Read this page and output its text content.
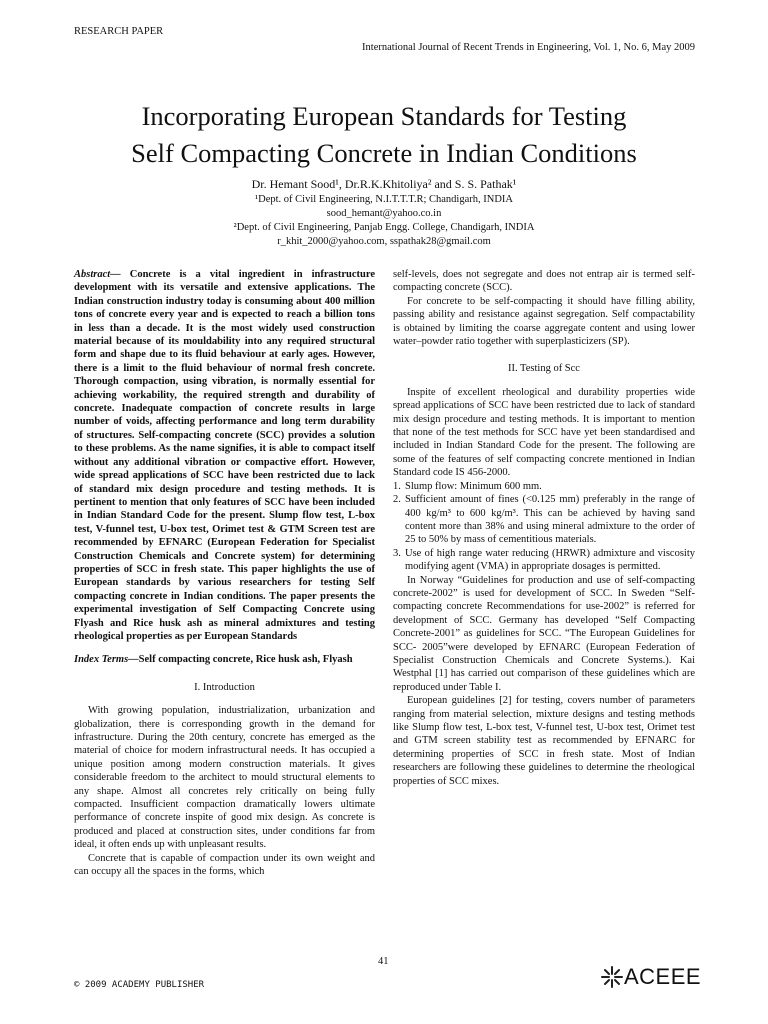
RESEARCH PAPER
International Journal of Recent Trends in Engineering, Vol. 1, No. 6, May 2009
Incorporating European Standards for Testing
Self Compacting Concrete in Indian Conditions
Dr. Hemant Sood¹, Dr.R.K.Khitoliya² and S. S. Pathak¹
¹Dept. of Civil Engineering, N.I.T.T.T.R; Chandigarh, INDIA
sood_hemant@yahoo.co.in
²Dept. of Civil Engineering, Panjab Engg. College, Chandigarh, INDIA
r_khit_2000@yahoo.com, sspathak28@gmail.com

Abstract— Concrete is a vital ingredient in infrastructure development with its versatile and extensive applications. The Indian construction industry today is consuming about 400 million tons of concrete every year and is expected to reach a billion tons in less than a decade. It is the most widely used construction material because of its mouldability into any required structural form and shape due to its fluid behaviour at early ages. However, there is a limit to the fluid behaviour of normal fresh concrete. Thorough compaction, using vibration, is normally essential for achieving workability, the required strength and durability of concrete. Inadequate compaction of concrete results in large number of voids, affecting performance and long term durability of structures. Self-compacting concrete (SCC) provides a solution to these problems. As the name signifies, it is able to compact itself without any additional vibration or compactive effort. However, wide spread applications of SCC have been restricted due to lack of standard mix design procedure and testing methods. It is pertinent to mention that only features of SCC have been included in Indian Standard Code for the present. Slump flow test, L-box test, V-funnel test, U-box test, Orimet test & GTM Screen test are recommended by EFNARC (European Federation for Specialist Construction Chemicals and Concrete system) for determining properties of SCC in fresh state. This paper highlights the use of European standards by various researchers for testing Self compacting concrete in Indian conditions. The paper presents the experimental investigation of Self Compacting Concrete using Flyash and Rice husk ash as mineral admixtures and testing rheological properties as per European Standards

Index Terms—Self compacting concrete, Rice husk ash, Flyash

I. Introduction

With growing population, industrialization, urbanization and globalization, there is corresponding growth in the demand for infrastructure. During the 20th century, concrete has emerged as the material of choice for modern infrastructural needs. It has occupied a unique position among modern construction materials. It gives considerable freedom to the architect to mould structural elements to any shape. Almost all concretes rely critically on being fully compacted. Insufficient compaction dramatically lowers ultimate performance of concrete inspite of good mix design. As concrete is produced and placed at construction sites, under conditions far from ideal, it often ends up with unpleasant results.

Concrete that is capable of compaction under its own weight and can occupy all the spaces in the forms, which

self-levels, does not segregate and does not entrap air is termed self-compacting concrete (SCC).

For concrete to be self-compacting it should have filling ability, passing ability and resistance against segregation. Self compactability is obtained by limiting the coarse aggregate content and using lower water–powder ratio together with superplasticizers (SP).

II. Testing of Scc

Inspite of excellent rheological and durability properties wide spread applications of SCC have been restricted due to lack of standard mix design procedure and testing methods. It is important to mention that none of the test methods for SCC have yet been standardised and included in Indian Standard Code for the present. The following are some of the features of self compacting concrete mentioned in Indian Standard code IS 456-2000.

1. Slump flow: Minimum 600 mm.
2. Sufficient amount of fines (<0.125 mm) preferably in the range of 400 kg/m³ to 600 kg/m³. This can be achieved by having sand content more than 38% and using mineral admixture to the order of 25 to 50% by mass of cementitious materials.
3. Use of high range water reducing (HRWR) admixture and viscosity modifying agent (VMA) in appropriate dosages is permitted.

In Norway “Guidelines for production and use of self-compacting concrete-2002” is used for development of SCC. In Sweden “Self-compacting concrete Recommendations for use-2002” is referred for development of SCC. Germany has developed “Self Compacting Concrete-2001” as guidelines for SCC. “The European Guidelines for SCC- 2005”were developed by EFNARC (European Federation of Specialist Construction Chemicals and Concrete Systems.). Kai Westphal [1] has carried out comparison of these guidelines which are reproduced under Table I.

European guidelines [2] for testing, covers number of parameters ranging from material selection, mixture designs and testing methods like Slump flow test, L-box test, V-funnel test, U-box test, Orimet test and GTM screen stability test as recommended by EFNARC for determining properties of SCC in fresh state. Most of Indian researchers are following these guidelines to determine the rheological properties of SCC mixes.

41
© 2009 ACADEMY PUBLISHER	ACEEE
